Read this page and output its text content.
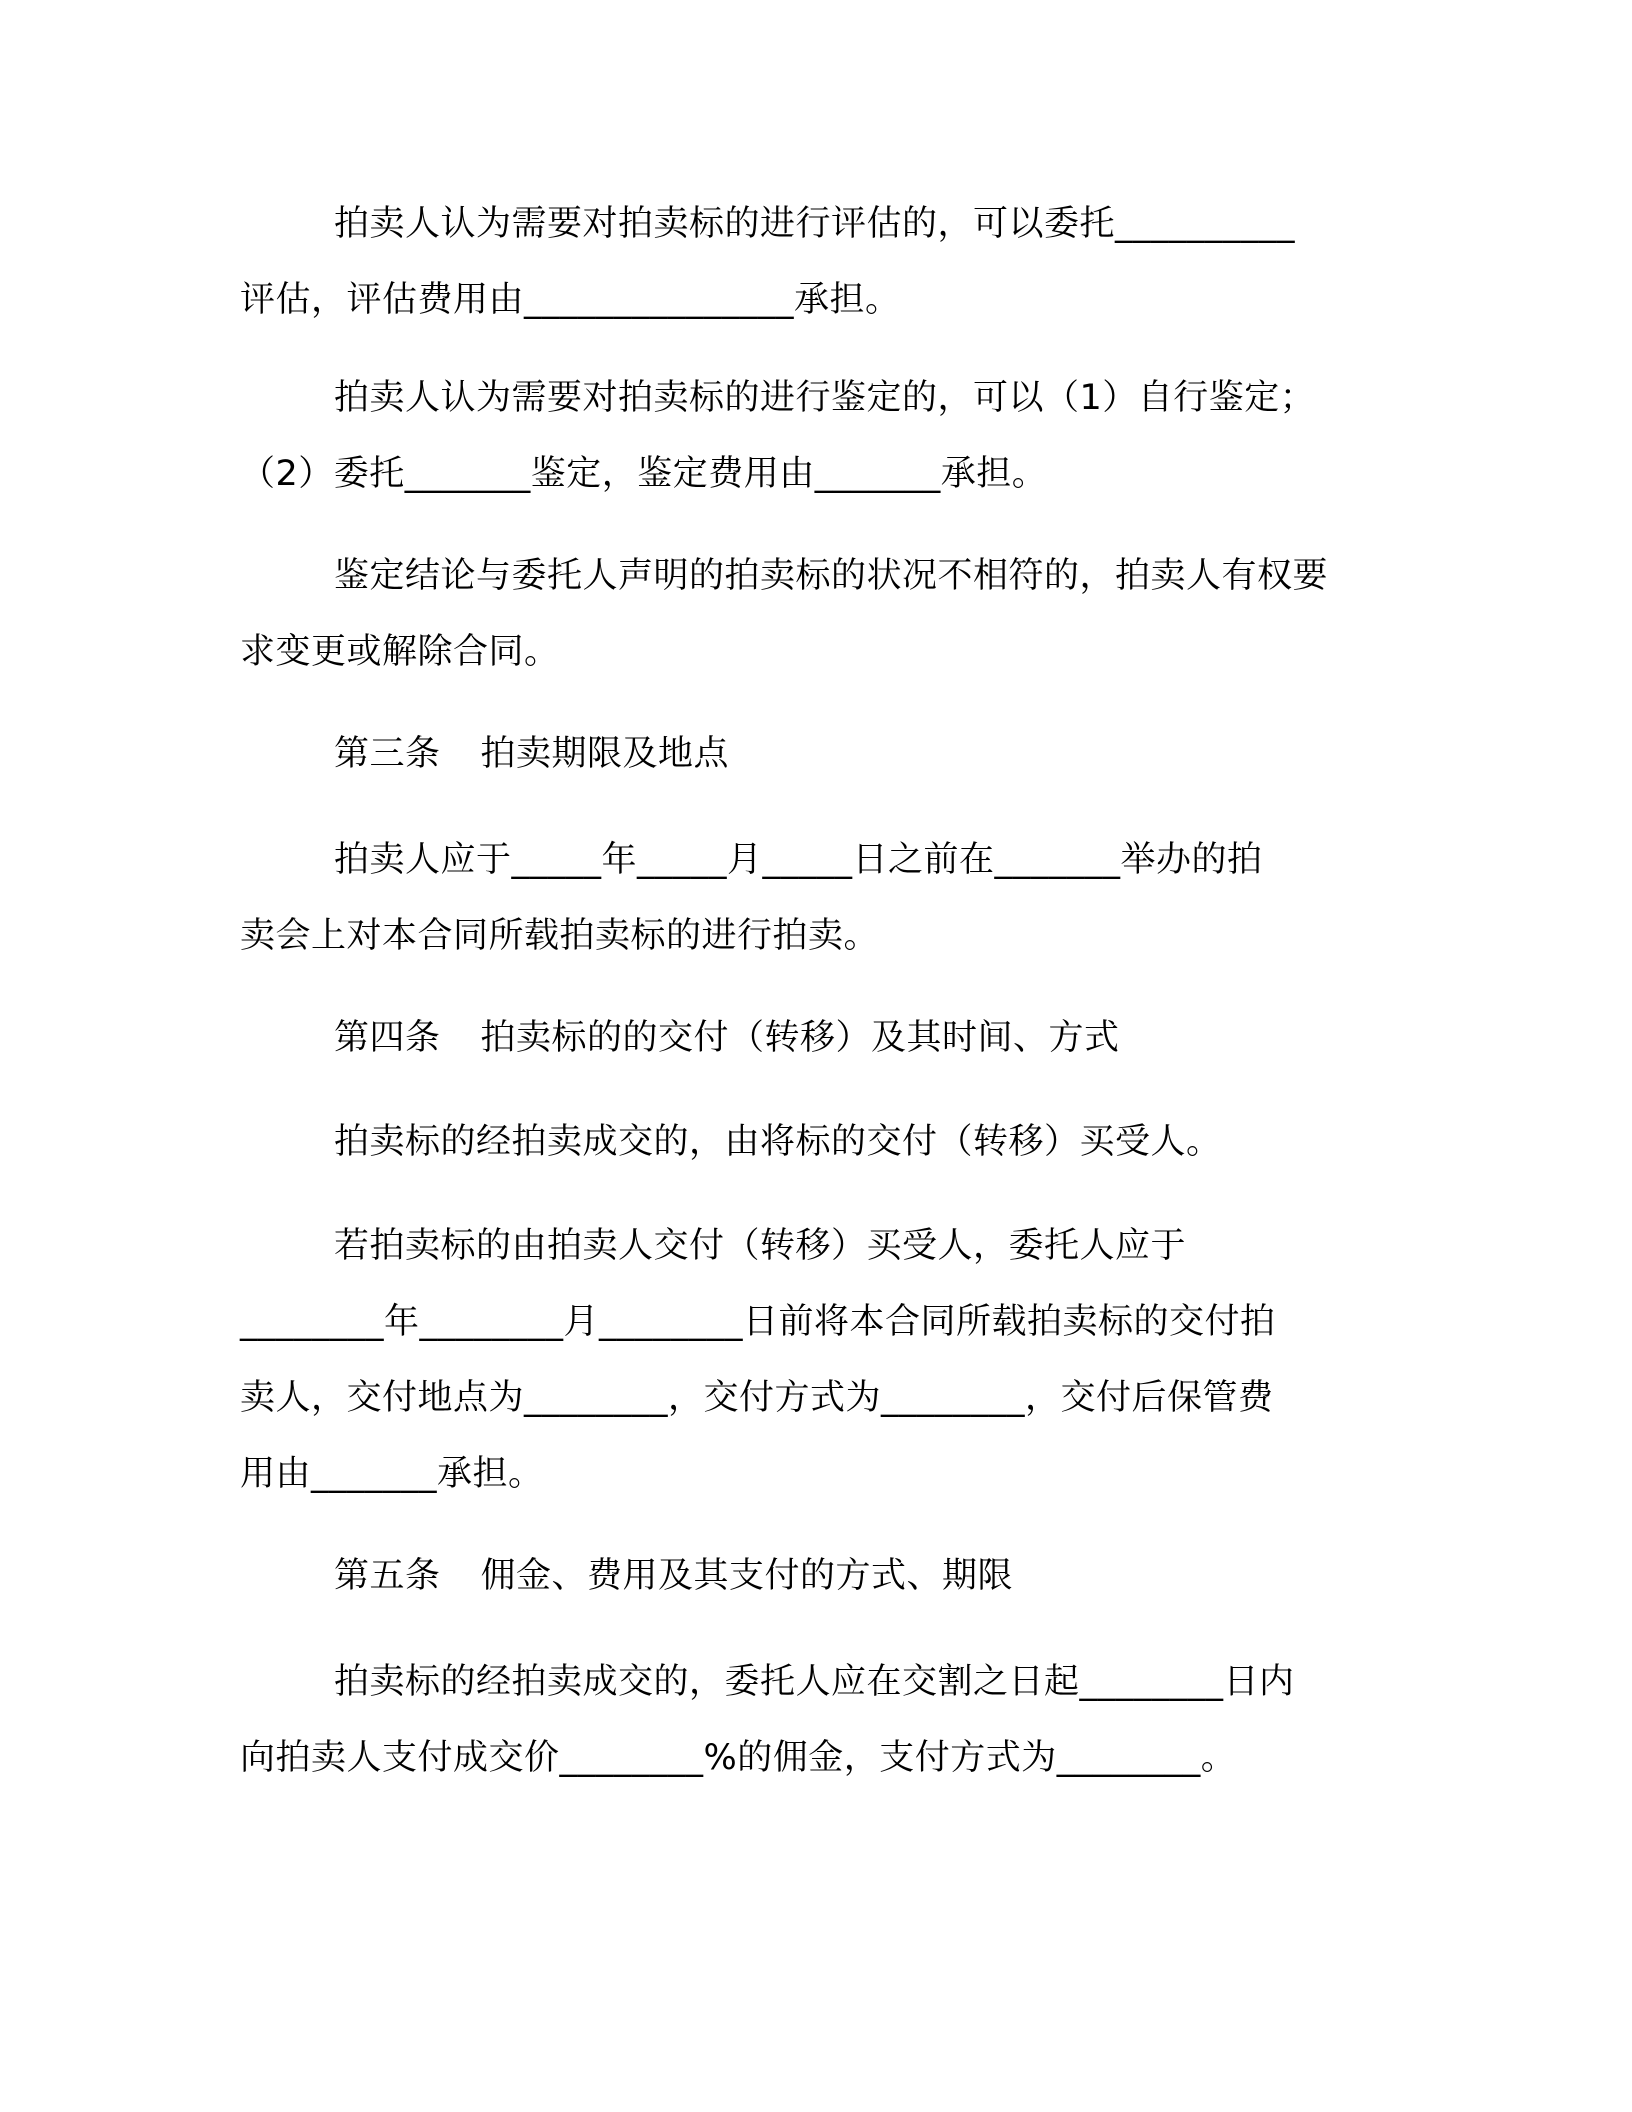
拍卖人认为需要对拍卖标的进行评估的，可以委托__________
评估，评估费用由_______________承担。
拍卖人认为需要对拍卖标的进行鉴定的，可以（1）自行鉴定；
（2）委托_______鉴定，鉴定费用由_______承担。
鉴定结论与委托人声明的拍卖标的状况不相符的，拍卖人有权要
求变更或解除合同。
第三条 拍卖期限及地点
拍卖人应于_____年_____月_____日之前在_______举办的拍
卖会上对本合同所载拍卖标的进行拍卖。
第四条 拍卖标的的交付（转移）及其时间、方式
拍卖标的经拍卖成交的，由将标的交付（转移）买受人。
若拍卖标的由拍卖人交付（转移）买受人，委托人应于
________年________月________日前将本合同所载拍卖标的交付拍
卖人，交付地点为________，交付方式为________，交付后保管费
用由_______承担。
第五条 佣金、费用及其支付的方式、期限
拍卖标的经拍卖成交的，委托人应在交割之日起________日内
向拍卖人支付成交价________%的佣金，支付方式为________。
